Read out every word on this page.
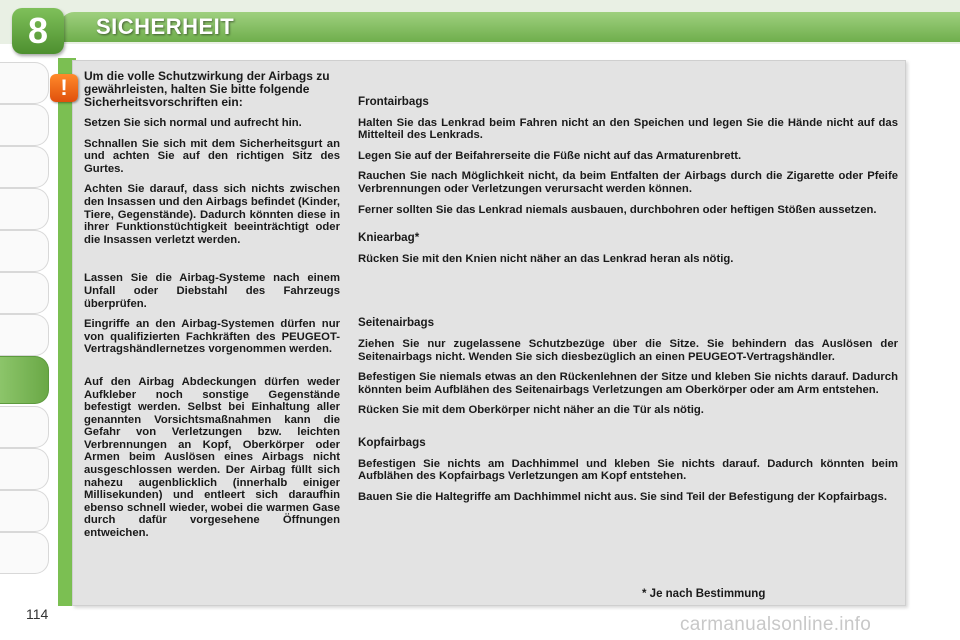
8	SICHERHEIT
!	Um die volle Schutzwirkung der Airbags zu gewährleisten, halten Sie bitte folgende Sicherheitsvorschriften ein:

Setzen Sie sich normal und aufrecht hin.

Schnallen Sie sich mit dem Sicherheitsgurt an und achten Sie auf den richtigen Sitz des Gurtes.

Achten Sie darauf, dass sich nichts zwischen den Insassen und den Airbags befindet (Kinder, Tiere, Gegenstände). Dadurch könnten diese in ihrer Funktionstüchtigkeit beeinträchtigt oder die Insassen verletzt werden.

Lassen Sie die Airbag-Systeme nach einem Unfall oder Diebstahl des Fahrzeugs überprüfen.

Eingriffe an den Airbag-Systemen dürfen nur von qualifizierten Fachkräften des PEUGEOT-Vertragshändlernetzes vorgenommen werden.

Auf den Airbag Abdeckungen dürfen weder Aufkleber noch sonstige Gegenstände befestigt werden. Selbst bei Einhaltung aller genannten Vorsichtsmaßnahmen kann die Gefahr von Verletzungen bzw. leichten Verbrennungen an Kopf, Oberkörper oder Armen beim Auslösen eines Airbags nicht ausgeschlossen werden. Der Airbag füllt sich nahezu augenblicklich (innerhalb einiger Millisekunden) und entleert sich daraufhin ebenso schnell wieder, wobei die warmen Gase durch dafür vorgesehene Öffnungen entweichen.

Frontairbags

Halten Sie das Lenkrad beim Fahren nicht an den Speichen und legen Sie die Hände nicht auf das Mittelteil des Lenkrads.

Legen Sie auf der Beifahrerseite die Füße nicht auf das Armaturenbrett.

Rauchen Sie nach Möglichkeit nicht, da beim Entfalten der Airbags durch die Zigarette oder Pfeife Verbrennungen oder Verletzungen verursacht werden können.

Ferner sollten Sie das Lenkrad niemals ausbauen, durchbohren oder heftigen Stößen aussetzen.

Kniearbag*

Rücken Sie mit den Knien nicht näher an das Lenkrad heran als nötig.

Seitenairbags

Ziehen Sie nur zugelassene Schutzbezüge über die Sitze. Sie behindern das Auslösen der Seitenairbags nicht. Wenden Sie sich diesbezüglich an einen PEUGEOT-Vertragshändler.

Befestigen Sie niemals etwas an den Rückenlehnen der Sitze und kleben Sie nichts darauf. Dadurch könnten beim Aufblähen des Seitenairbags Verletzungen am Oberkörper oder am Arm entstehen.

Rücken Sie mit dem Oberkörper nicht näher an die Tür als nötig.

Kopfairbags

Befestigen Sie nichts am Dachhimmel und kleben Sie nichts darauf. Dadurch könnten beim Aufblähen des Kopfairbags Verletzungen am Kopf entstehen.

Bauen Sie die Haltegriffe am Dachhimmel nicht aus. Sie sind Teil der Befestigung der Kopfairbags.

* Je nach Bestimmung
114	carmanualsonline.info
